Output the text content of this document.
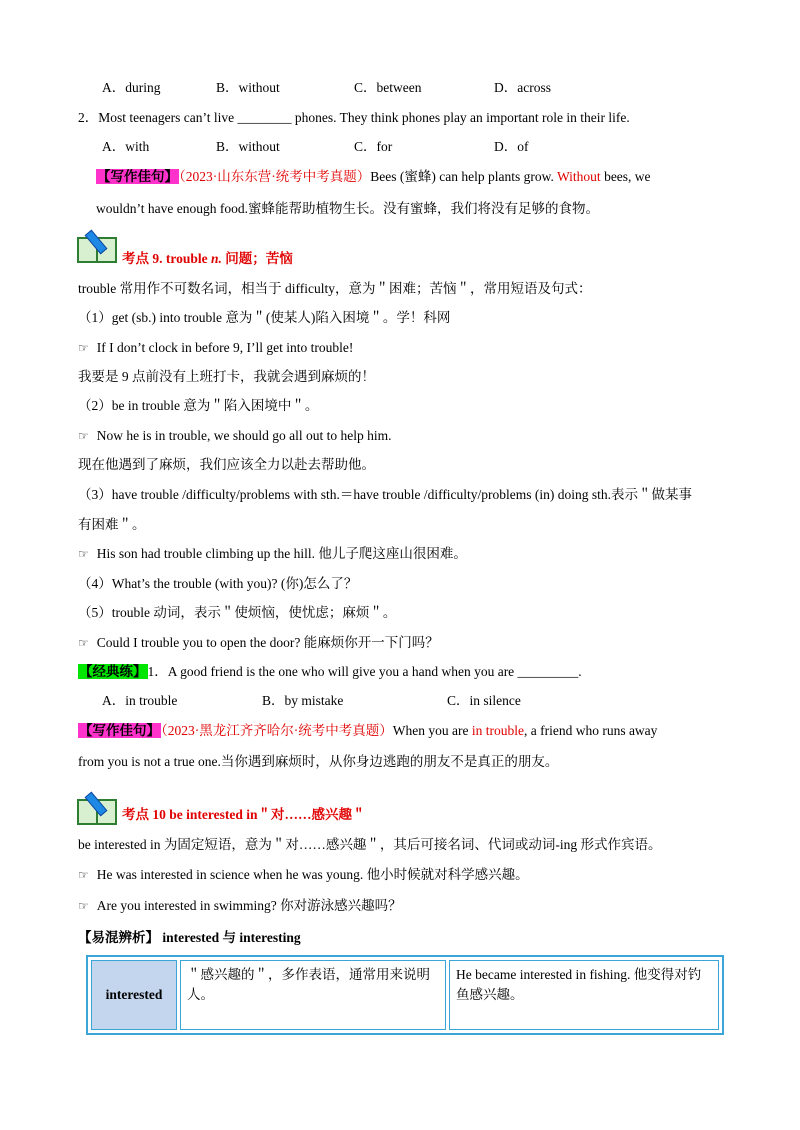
A．during	B．without	C．between	D．across
2．Most teenagers can’t live ________ phones. They think phones play an important role in their life.
A．with	B．without	C．for	D．of
【写作佳句】（2023·山东东营·统考中考真题）Bees (蜜蜂) can help plants grow. Without bees, we
wouldn’t have enough food.蜜蜂能帮助植物生长。没有蜜蜂，我们将没有足够的食物。
考点 9. trouble n. 问题；苦恼
trouble 常用作不可数名词，相当于 difficulty，意为＂困难；苦恼＂，常用短语及句式：
（1）get (sb.) into trouble 意为＂(使某人)陷入困境＂。学！科网
☞ If I don’t clock in before 9, I’ll get into trouble!
我要是 9 点前没有上班打卡，我就会遇到麻烦的！
（2）be in trouble 意为＂陷入困境中＂。
☞ Now he is in trouble, we should go all out to help him.
现在他遇到了麻烦，我们应该全力以赴去帮助他。
（3）have trouble /difficulty/problems with sth.＝have trouble /difficulty/problems (in) doing sth.表示＂做某事
有困难＂。
☞ His son had trouble climbing up the hill. 他儿子爬这座山很困难。
（4）What’s the trouble (with you)? (你)怎么了？
（5）trouble 动词，表示＂使烦恼，使忧虑；麻烦＂。
☞ Could I trouble you to open the door? 能麻烦你开一下门吗？
【经典练】1．A good friend is the one who will give you a hand when you are _________.
A．in trouble	B．by mistake	C．in silence
【写作佳句】（2023·黑龙江齐齐哈尔·统考中考真题）When you are in trouble, a friend who runs away
from you is not a true one.当你遇到麻烦时，从你身边逃跑的朋友不是真正的朋友。
考点 10 be interested in＂对……感兴趣＂
be interested in 为固定短语，意为＂对……感兴趣＂，其后可接名词、代词或动词-ing 形式作宾语。
☞ He was interested in science when he was young. 他小时候就对科学感兴趣。
☞ Are you interested in swimming? 你对游泳感兴趣吗？
【易混辨析】 interested 与 interesting
interested	＂感兴趣的＂，多作表语，通常用来说明人。	He became interested in fishing. 他变得对钓鱼感兴趣。
